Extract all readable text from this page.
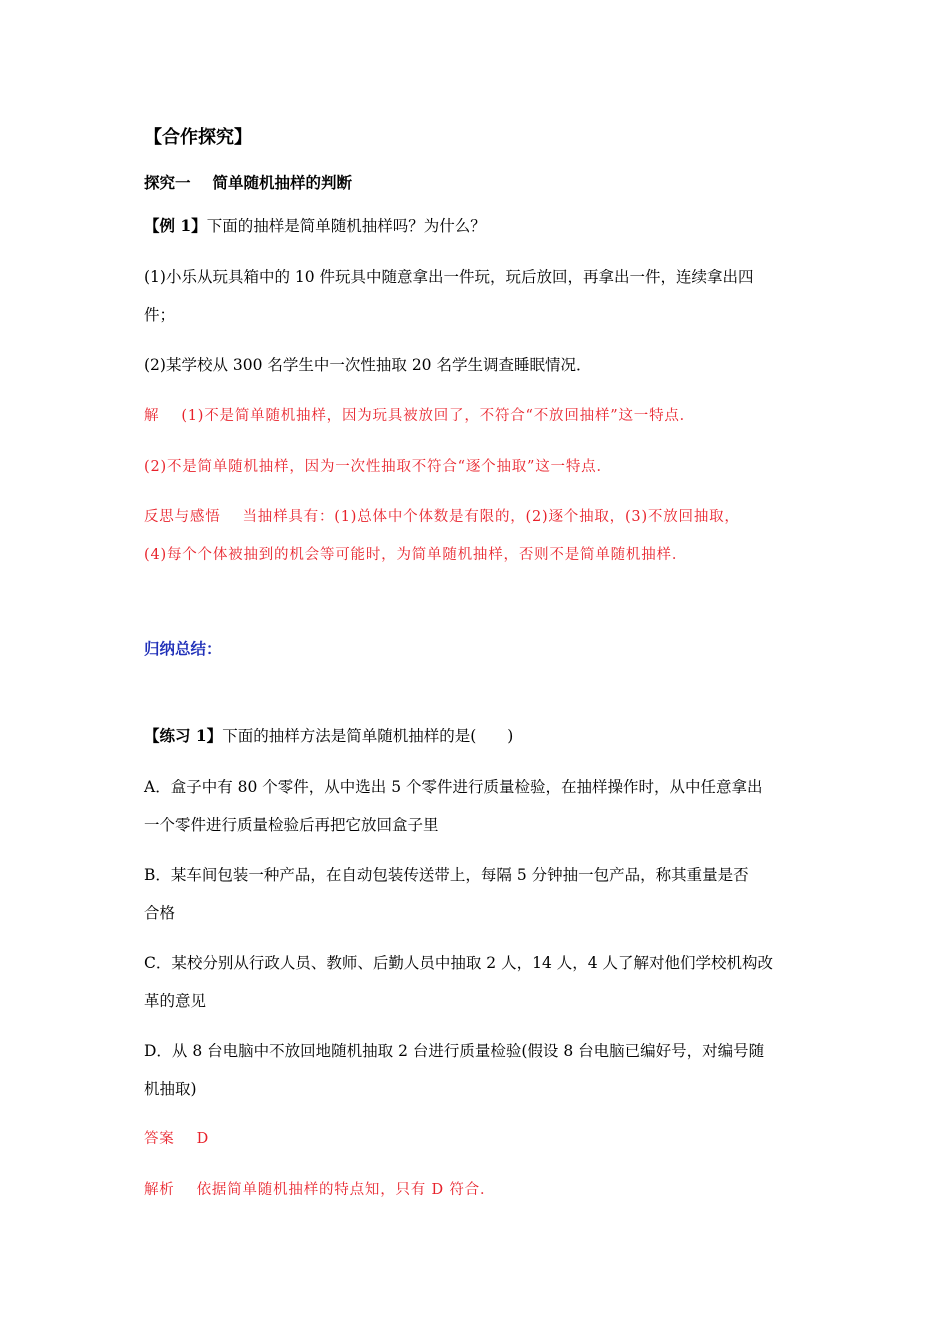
【合作探究】
探究一 简单随机抽样的判断
【例 1】下面的抽样是简单随机抽样吗？为什么？
(1)小乐从玩具箱中的 10 件玩具中随意拿出一件玩，玩后放回，再拿出一件，连续拿出四
件；
(2)某学校从 300 名学生中一次性抽取 20 名学生调查睡眠情况．
解 (1)不是简单随机抽样，因为玩具被放回了，不符合“不放回抽样”这一特点．
(2)不是简单随机抽样，因为一次性抽取不符合“逐个抽取”这一特点．
反思与感悟 当抽样具有：(1)总体中个体数是有限的，(2)逐个抽取，(3)不放回抽取，
(4)每个个体被抽到的机会等可能时，为简单随机抽样，否则不是简单随机抽样．
归纳总结：
【练习 1】下面的抽样方法是简单随机抽样的是(　　)
A．盒子中有 80 个零件，从中选出 5 个零件进行质量检验，在抽样操作时，从中任意拿出
一个零件进行质量检验后再把它放回盒子里
B．某车间包装一种产品，在自动包装传送带上，每隔 5 分钟抽一包产品，称其重量是否
合格
C．某校分别从行政人员、教师、后勤人员中抽取 2 人，14 人，4 人了解对他们学校机构改
革的意见
D．从 8 台电脑中不放回地随机抽取 2 台进行质量检验(假设 8 台电脑已编好号，对编号随
机抽取)
答案 D
解析 依据简单随机抽样的特点知，只有 D 符合．
